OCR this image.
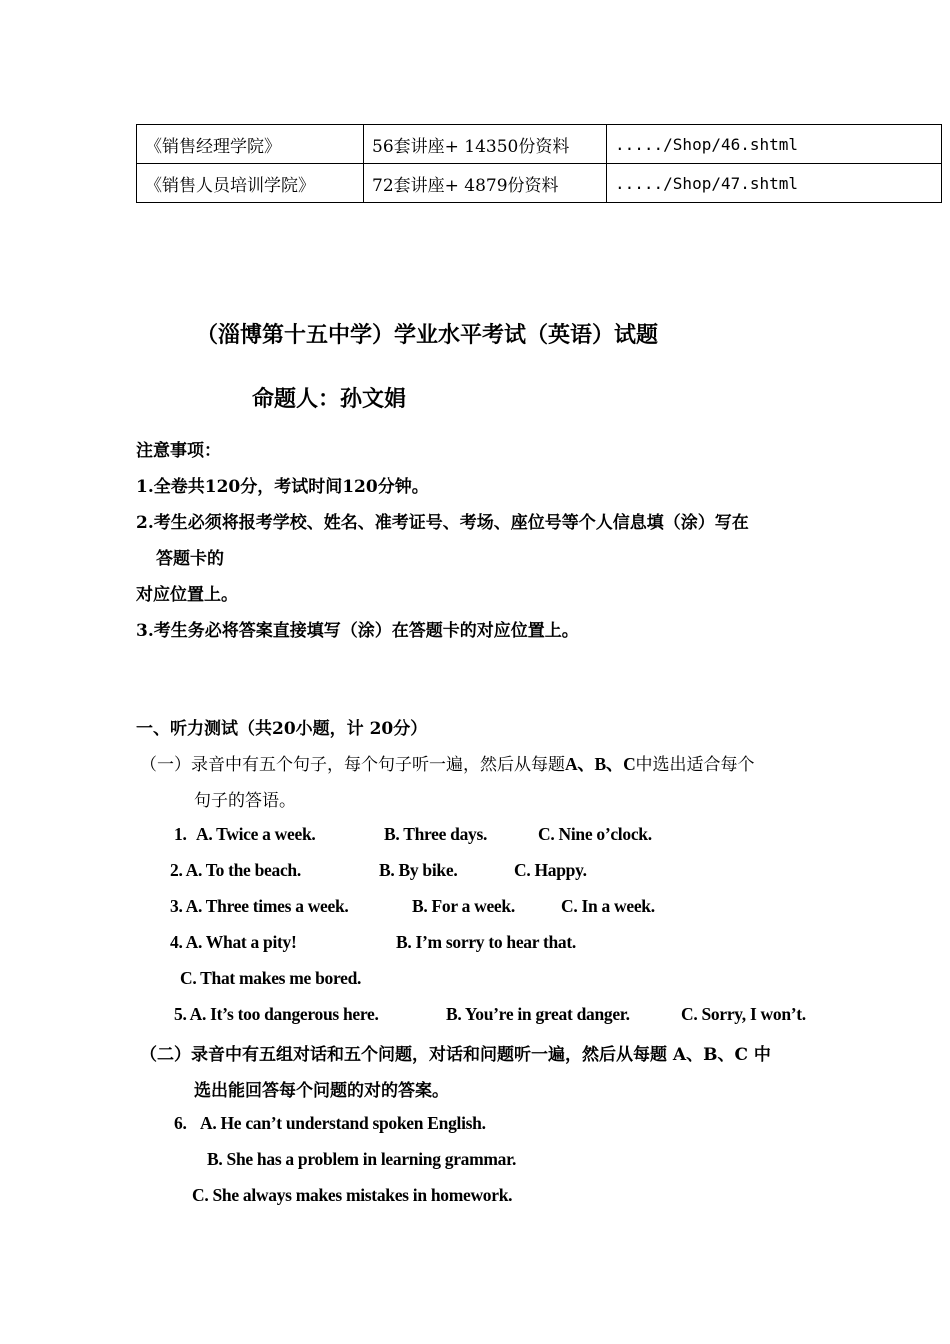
《销售经理学院》	56套讲座+ 14350份资料	...../Shop/46.shtml
《销售人员培训学院》	72套讲座+ 4879份资料	...../Shop/47.shtml
（淄博第十五中学）学业水平考试（英语）试题
命题人：孙文娟
注意事项：
1.全卷共120分，考试时间120分钟。
2.考生必须将报考学校、姓名、准考证号、考场、座位号等个人信息填（涂）写在
答题卡的
对应位置上。
3.考生务必将答案直接填写（涂）在答题卡的对应位置上。
一、听力测试（共20小题，计 20分）
（一）录音中有五个句子，每个句子听一遍，然后从每题A、B、C中选出适合每个
句子的答语。
1. A. Twice a week.	B. Three days.	C. Nine o’clock.
2. A. To the beach.	B. By bike.	C. Happy.
3. A. Three times a week.	B. For a week.	C. In a week.
4. A. What a pity!	B. I’m sorry to hear that.
C. That makes me bored.
5. A. It’s too dangerous here.	B. You’re in great danger.	C. Sorry, I won’t.
（二）录音中有五组对话和五个问题，对话和问题听一遍，然后从每题 A、B、C 中
选出能回答每个问题的对的答案。
6. A. He can’t understand spoken English.
B. She has a problem in learning grammar.
C. She always makes mistakes in homework.
